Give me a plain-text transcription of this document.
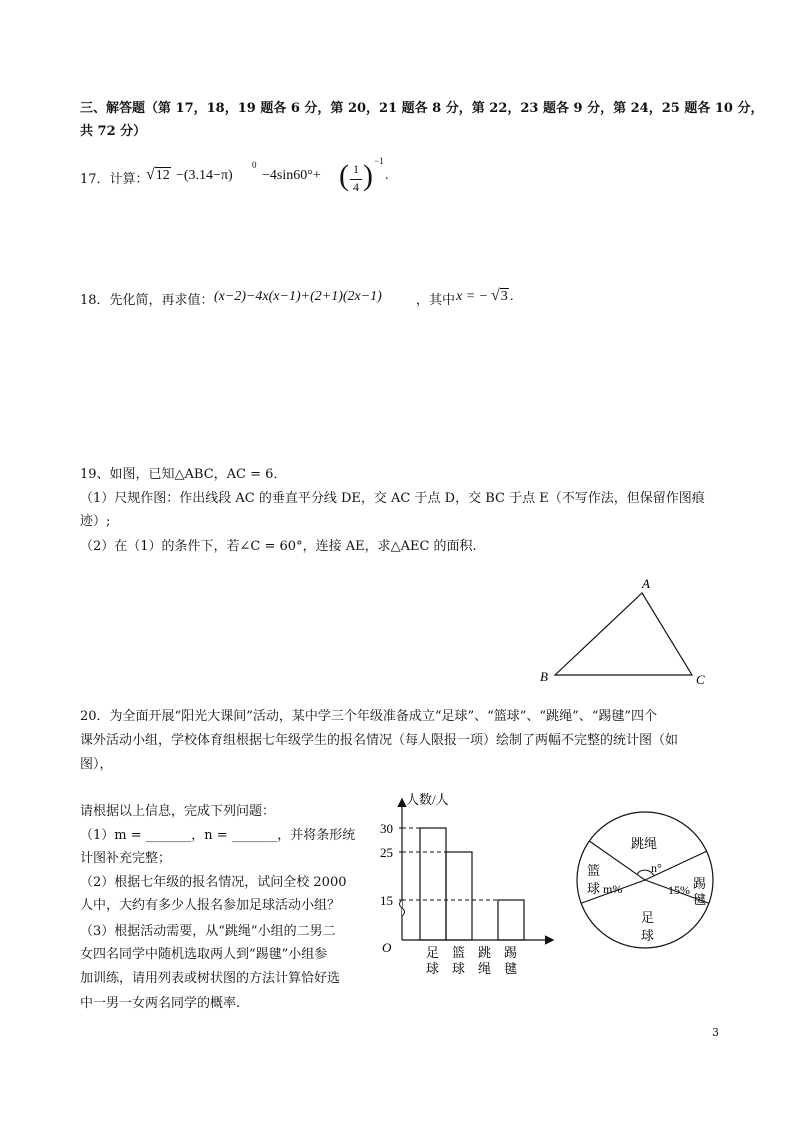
三、解答题（第 17，18，19 题各 6 分，第 20，21 题各 8 分，第 22，23 题各 9 分，第 24，25 题各 10 分，
共 72 分）
17．计算：
√12 −(3.14−π)
0
−4sin60°+ ( 1
4 ) −1
.
18．先化简，再求值： (x−2)−4x(x−1)+(2+1)(2x−1)	，其中 x = − √3 .
19、如图，已知△ABC，AC = 6．
（1）尺规作图：作出线段 AC 的垂直平分线 DE，交 AC 于点 D，交 BC 于点 E（不写作法，但保留作图痕
迹）;
（2）在（1）的条件下，若∠C = 60°，连接 AE，求△AEC 的面积.
A
B	C
20．为全面开展“阳光大课间”活动，某中学三个年级准备成立“足球”、“篮球”、“跳绳”、“踢毽”四个
课外活动小组，学校体育组根据七年级学生的报名情况（每人限报一项）绘制了两幅不完整的统计图（如
图），
请根据以上信息，完成下列问题：
（1）m = _______，n = _______，并将条形统
计图补充完整；
（2）根据七年级的报名情况，试问全校 2000
人中，大约有多少人报名参加足球活动小组？
（3）根据活动需要，从“跳绳”小组的二男二
女四名同学中随机选取两人到“踢毽”小组参
加训练，请用列表或树状图的方法计算恰好选
中一男一女两名同学的概率.
人数/人
O
15
25
30
足
球
篮
球
跳
绳
踢
毽
跳绳
n°
篮
球 m%	踢
毽
15%
足
球
3
